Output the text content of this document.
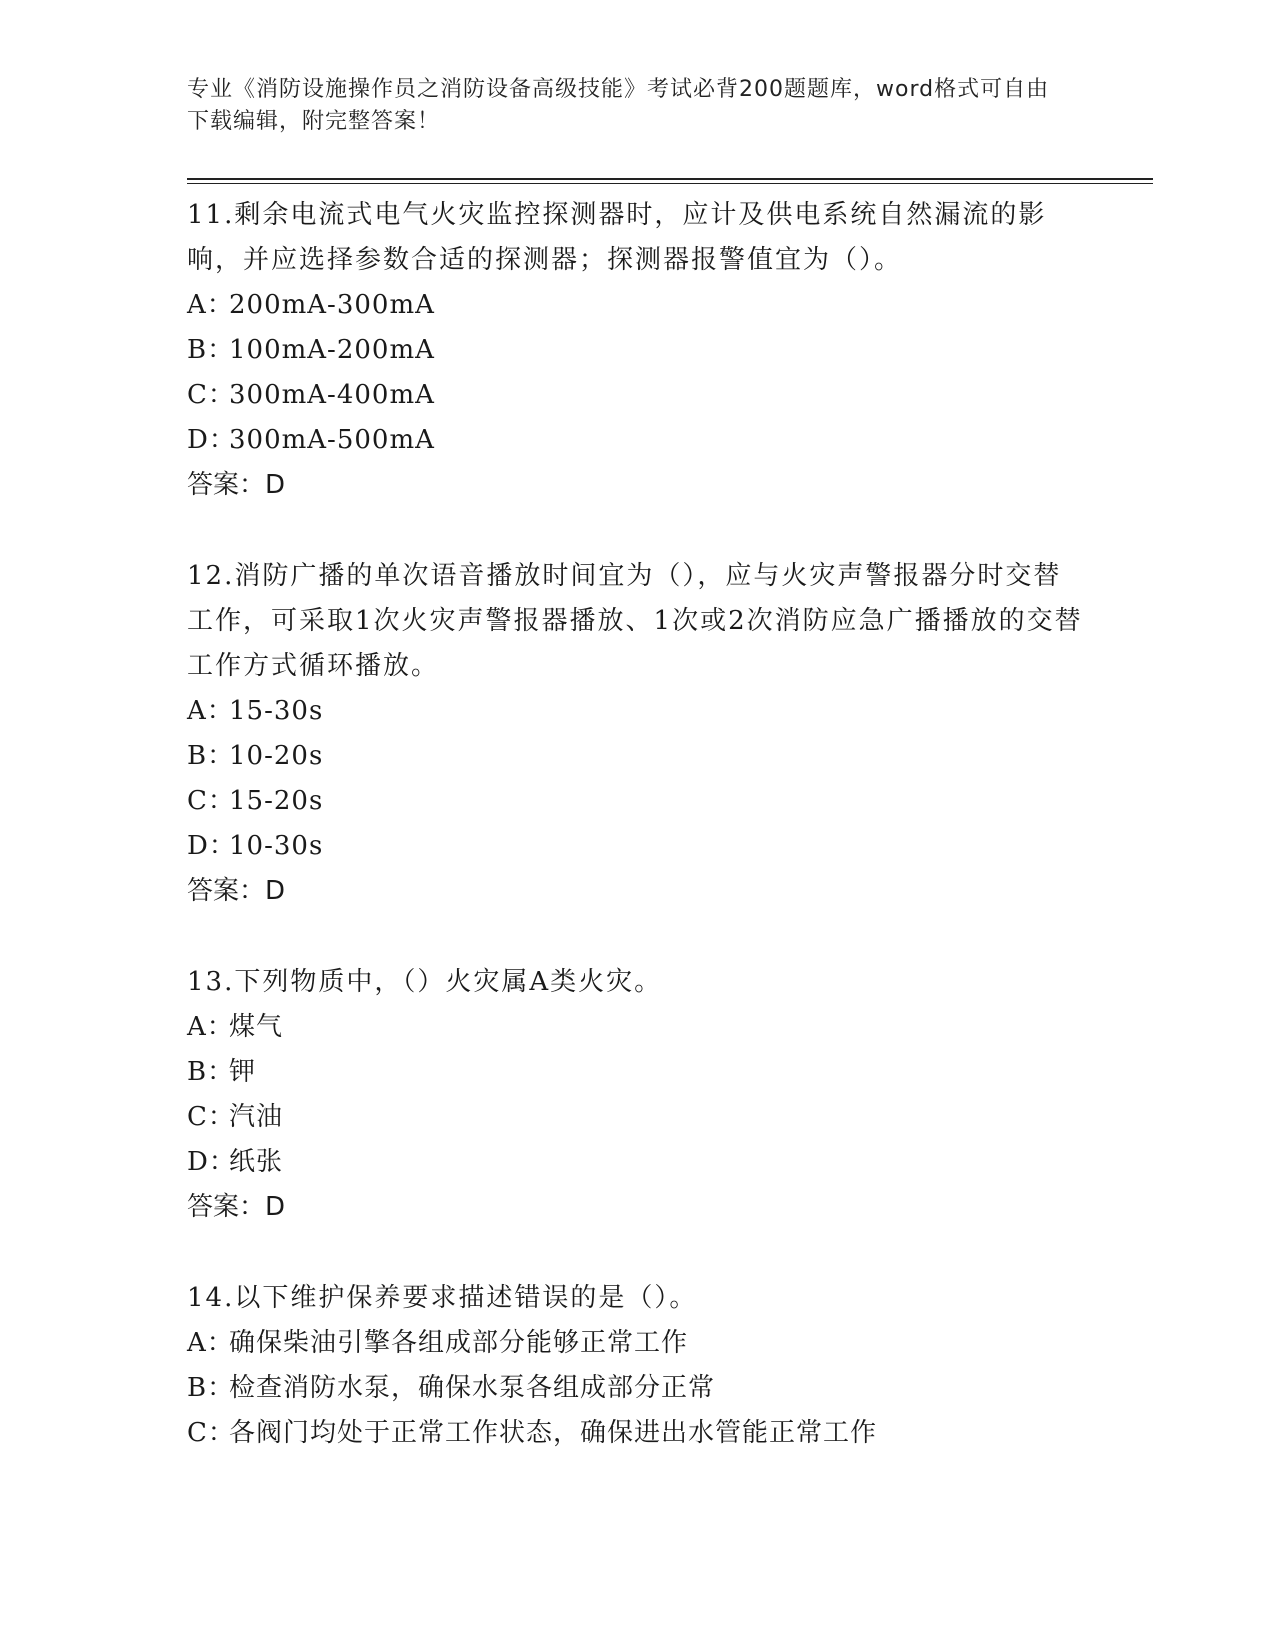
专业《消防设施操作员之消防设备高级技能》考试必背200题题库，word格式可自由下载编辑，附完整答案！

11.剩余电流式电气火灾监控探测器时，应计及供电系统自然漏流的影响，并应选择参数合适的探测器；探测器报警值宜为（）。

A：200mA-300mA

B：100mA-200mA

C：300mA-400mA

D：300mA-500mA

答案：D

12.消防广播的单次语音播放时间宜为（），应与火灾声警报器分时交替工作，可采取1次火灾声警报器播放、1次或2次消防应急广播播放的交替工作方式循环播放。

A：15-30s

B：10-20s

C：15-20s

D：10-30s

答案：D

13.下列物质中，（）火灾属A类火灾。

A：煤气

B：钾

C：汽油

D：纸张

答案：D

14.以下维护保养要求描述错误的是（）。

A：确保柴油引擎各组成部分能够正常工作

B：检查消防水泵，确保水泵各组成部分正常

C：各阀门均处于正常工作状态，确保进出水管能正常工作
